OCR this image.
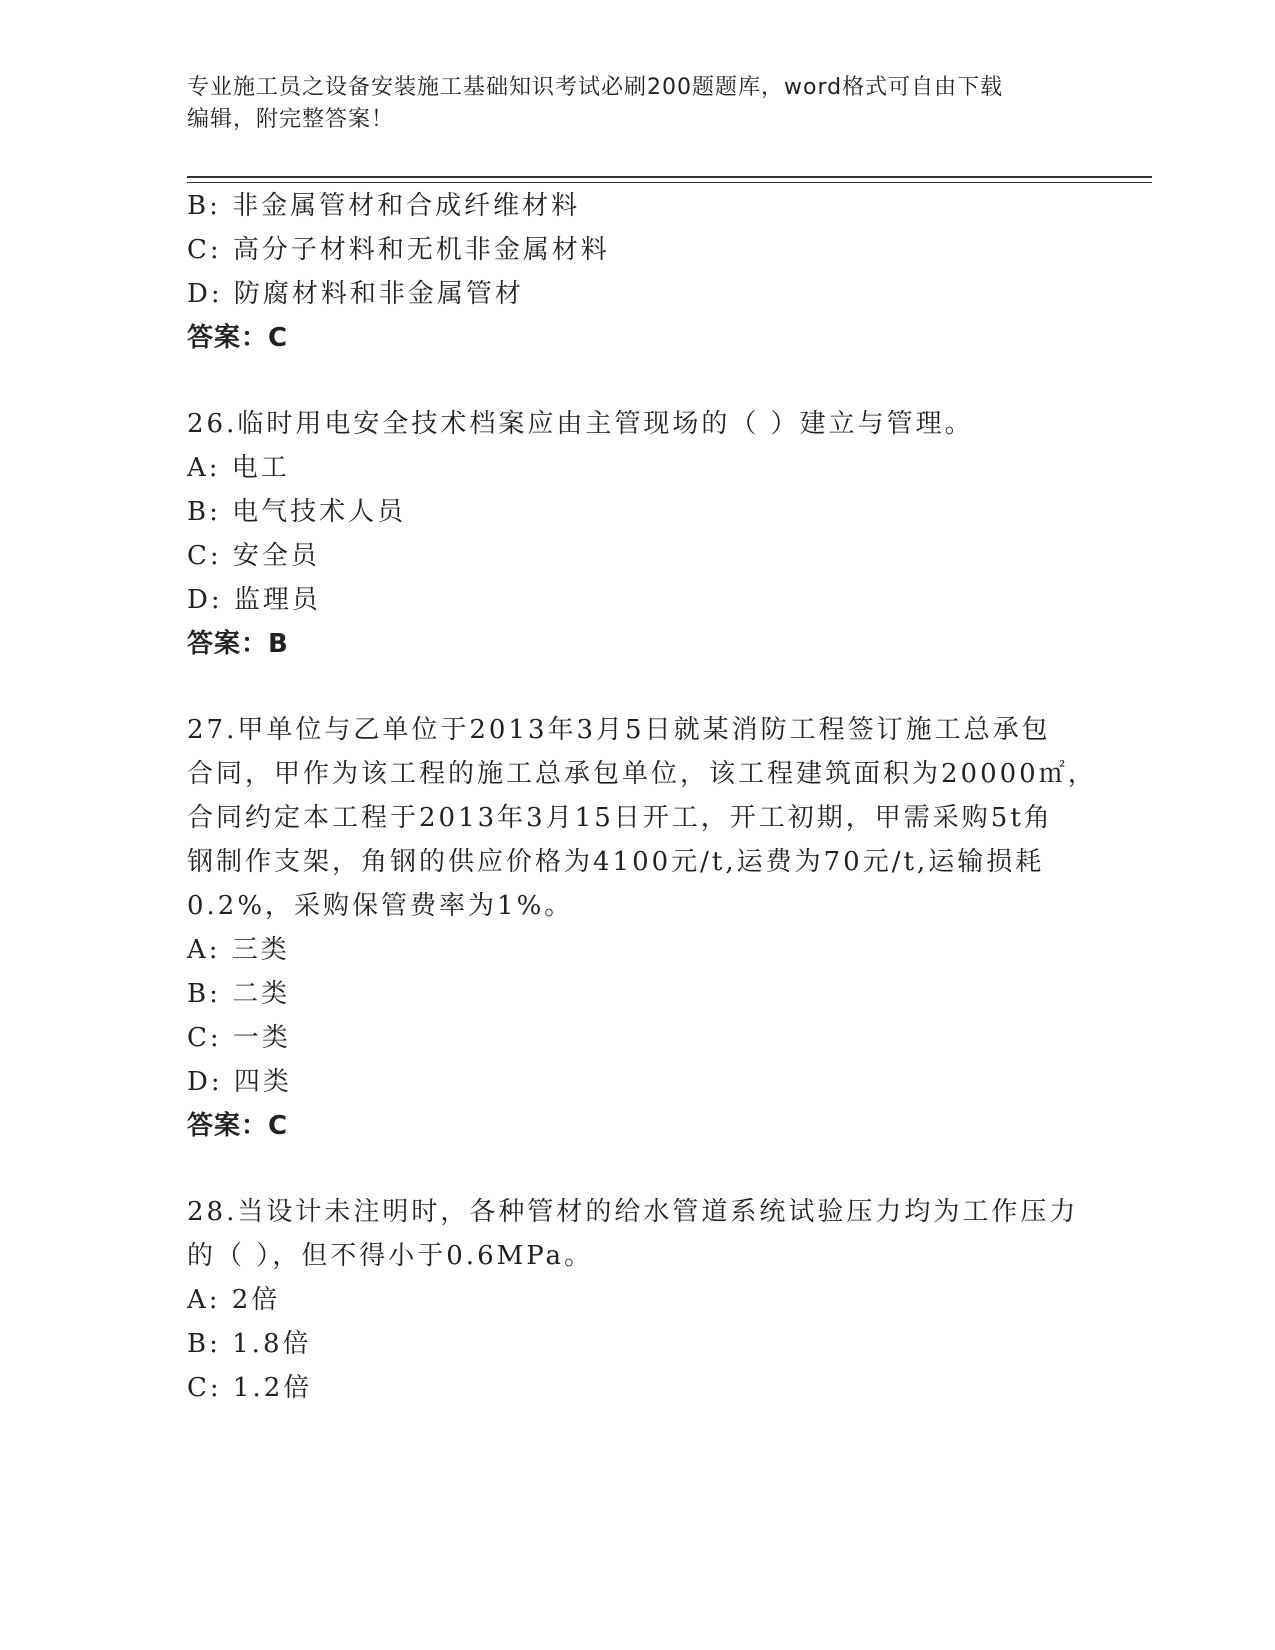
专业施工员之设备安装施工基础知识考试必刷200题题库，word格式可自由下载
编辑，附完整答案！
B: 非金属管材和合成纤维材料
C: 高分子材料和无机非金属材料
D: 防腐材料和非金属管材
答案：C
26.临时用电安全技术档案应由主管现场的（ ）建立与管理。
A: 电工
B: 电气技术人员
C: 安全员
D: 监理员
答案：B
27.甲单位与乙单位于2013年3月5日就某消防工程签订施工总承包
合同，甲作为该工程的施工总承包单位，该工程建筑面积为20000㎡，
合同约定本工程于2013年3月15日开工，开工初期，甲需采购5t角
钢制作支架，角钢的供应价格为4100元/t,运费为70元/t,运输损耗
0.2%，采购保管费率为1%。
A: 三类
B: 二类
C: 一类
D: 四类
答案：C
28.当设计未注明时，各种管材的给水管道系统试验压力均为工作压力
的（ ），但不得小于0.6MPa。
A: 2倍
B: 1.8倍
C: 1.2倍
